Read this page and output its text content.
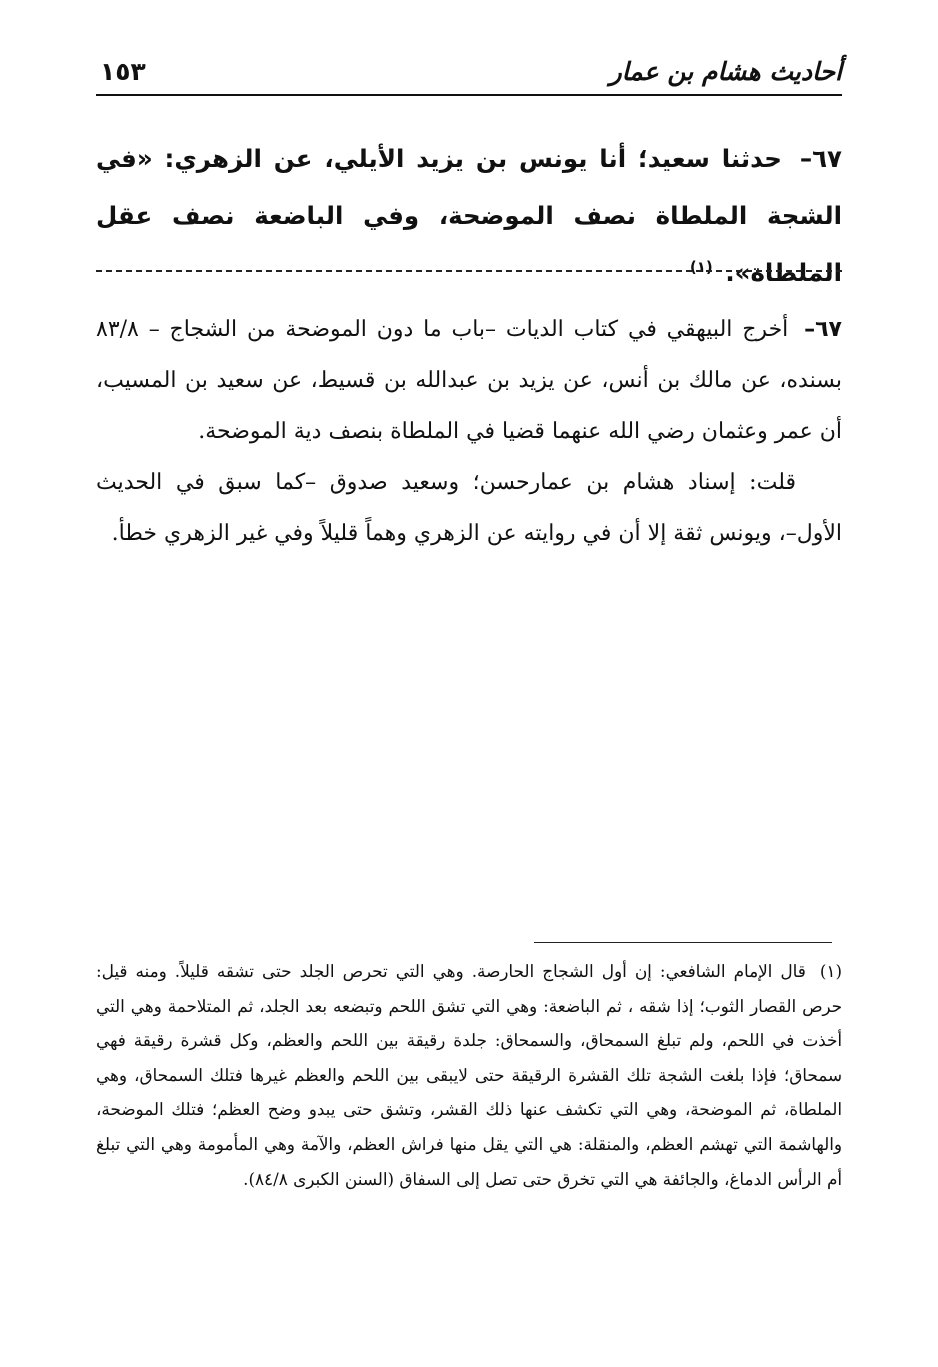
أحاديث هشام بن عمار
١٥٣
٦٧– حدثنا سعيد؛ أنا يونس بن يزيد الأيلي، عن الزهري: «في الشجة الملطاة نصف الموضحة، وفي الباضعة نصف عقل الملطاة». $^{(١)}$

٦٧– أخرج البيهقي في كتاب الديات –باب ما دون الموضحة من الشجاج – ٨٣/٨ بسنده، عن مالك بن أنس، عن يزيد بن عبدالله بن قسيط، عن سعيد بن المسيب، أن عمر وعثمان رضي الله عنهما قضيا في الملطاة بنصف دية الموضحة.

قلت: إسناد هشام بن عمارحسن؛ وسعيد صدوق –كما سبق في الحديث الأول–، ويونس ثقة إلا أن في روايته عن الزهري وهماً قليلاً وفي غير الزهري خطأ.

(١) قال الإمام الشافعي: إن أول الشجاج الحارصة. وهي التي تحرص الجلد حتى تشقه قليلاً. ومنه قيل: حرص القصار الثوب؛ إذا شقه ، ثم الباضعة: وهي التي تشق اللحم وتبضعه بعد الجلد، ثم المتلاحمة وهي التي أخذت في اللحم، ولم تبلغ السمحاق، والسمحاق: جلدة رقيقة بين اللحم والعظم، وكل قشرة رقيقة فهي سمحاق؛ فإذا بلغت الشجة تلك القشرة الرقيقة حتى لايبقى بين اللحم والعظم غيرها فتلك السمحاق، وهي الملطاة، ثم الموضحة، وهي التي تكشف عنها ذلك القشر، وتشق حتى يبدو وضح العظم؛ فتلك الموضحة، والهاشمة التي تهشم العظم، والمنقلة: هي التي يقل منها فراش العظم، والآمة وهي المأمومة وهي التي تبلغ أم الرأس الدماغ، والجائفة هي التي تخرق حتى تصل إلى السفاق (السنن الكبرى ٨٤/٨).
